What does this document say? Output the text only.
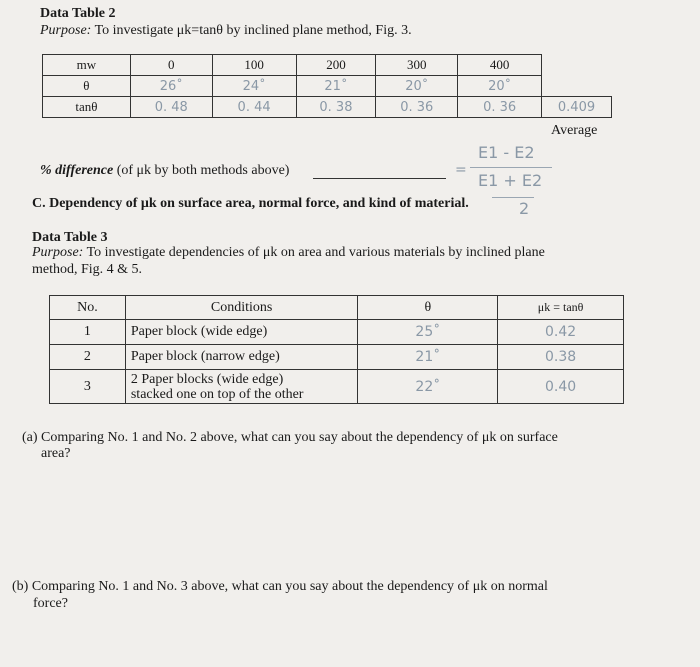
Data Table 2
Purpose: To investigate μk=tanθ by inclined plane method, Fig. 3.
mw	0	100	200	300	400	
θ	26˚	24˚	21˚	20˚	20˚	
tanθ	0. 48	0. 44	0. 38	0. 36	0. 36	0.409
Average
% difference (of μk by both methods above)	=
E1 - E2
E1 + E2
2
C. Dependency of μk on surface area, normal force, and kind of material.
Data Table 3
Purpose: To investigate dependencies of μk on area and various materials by inclined plane
method, Fig. 4 & 5.
No.	Conditions	θ	μk = tanθ
1	Paper block (wide edge)	25˚	0.42
2	Paper block (narrow edge)	21˚	0.38
3	2 Paper blocks (wide edge)
stacked one on top of the other	22˚	0.40
(a) Comparing No. 1 and No. 2 above, what can you say about the dependency of μk on surface
area?
(b) Comparing No. 1 and No. 3 above, what can you say about the dependency of μk on normal
force?
